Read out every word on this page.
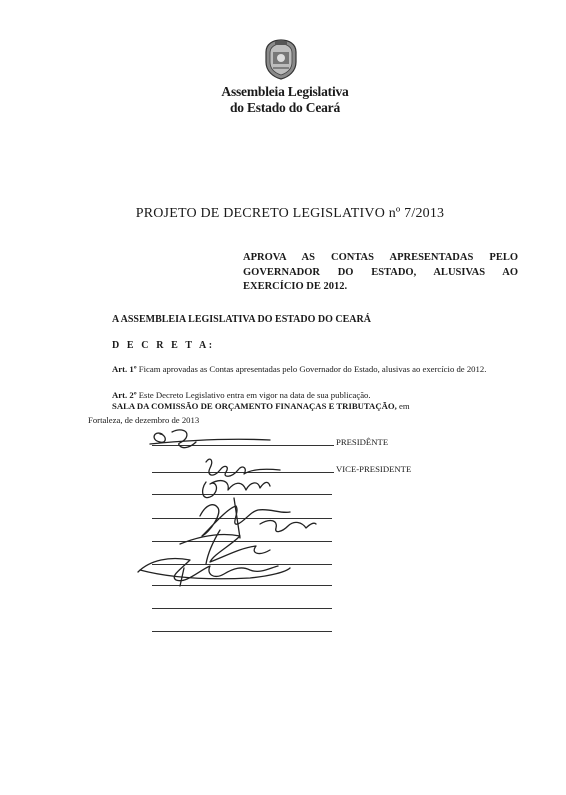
Assembleia Legislativa
do Estado do Ceará
PROJETO DE DECRETO LEGISLATIVO nº 7/2013
APROVA AS CONTAS APRESENTADAS PELO
GOVERNADOR DO ESTADO, ALUSIVAS AO
EXERCÍCIO DE 2012.
A ASSEMBLEIA LEGISLATIVA DO ESTADO DO CEARÁ
D E C R E T A:
Art. 1º Ficam aprovadas as Contas apresentadas pelo Governador do Estado, alusivas ao exercício de 2012.
Art. 2º Este Decreto Legislativo entra em vigor na data de sua publicação.
SALA DA COMISSÃO DE ORÇAMENTO FINANAÇAS E TRIBUTAÇÃO, em
Fortaleza, de dezembro de 2013
PRESIDÊNTE
VICE-PRESIDENTE
